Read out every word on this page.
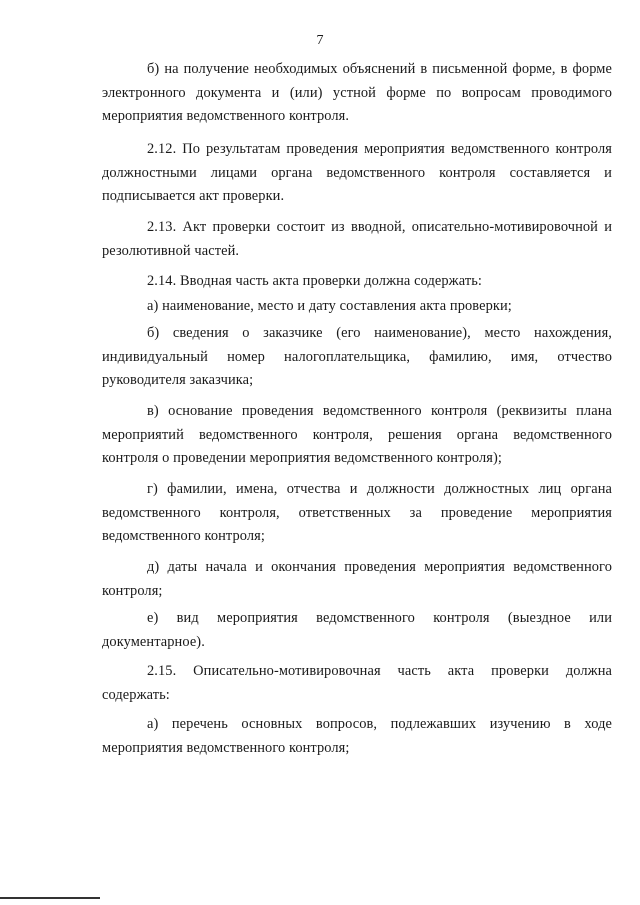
7

б) на получение необходимых объяснений в письменной форме, в форме электронного документа и (или) устной форме по вопросам проводимого мероприятия ведомственного контроля.

2.12. По результатам проведения мероприятия ведомственного контроля должностными лицами органа ведомственного контроля составляется и подписывается акт проверки.

2.13. Акт проверки состоит из вводной, описательно-мотивировочной и резолютивной частей.

2.14. Вводная часть акта проверки должна содержать:

а) наименование, место и дату составления акта проверки;

б) сведения о заказчике (его наименование), место нахождения, индивидуальный номер налогоплательщика, фамилию, имя, отчество руководителя заказчика;

в) основание проведения ведомственного контроля (реквизиты плана мероприятий ведомственного контроля, решения органа ведомственного контроля о проведении мероприятия ведомственного контроля);

г) фамилии, имена, отчества и должности должностных лиц органа ведомственного контроля, ответственных за проведение мероприятия ведомственного контроля;

д) даты начала и окончания проведения мероприятия ведомственного контроля;

е) вид мероприятия ведомственного контроля (выездное или документарное).

2.15. Описательно-мотивировочная часть акта проверки должна содержать:

а) перечень основных вопросов, подлежавших изучению в ходе мероприятия ведомственного контроля;
